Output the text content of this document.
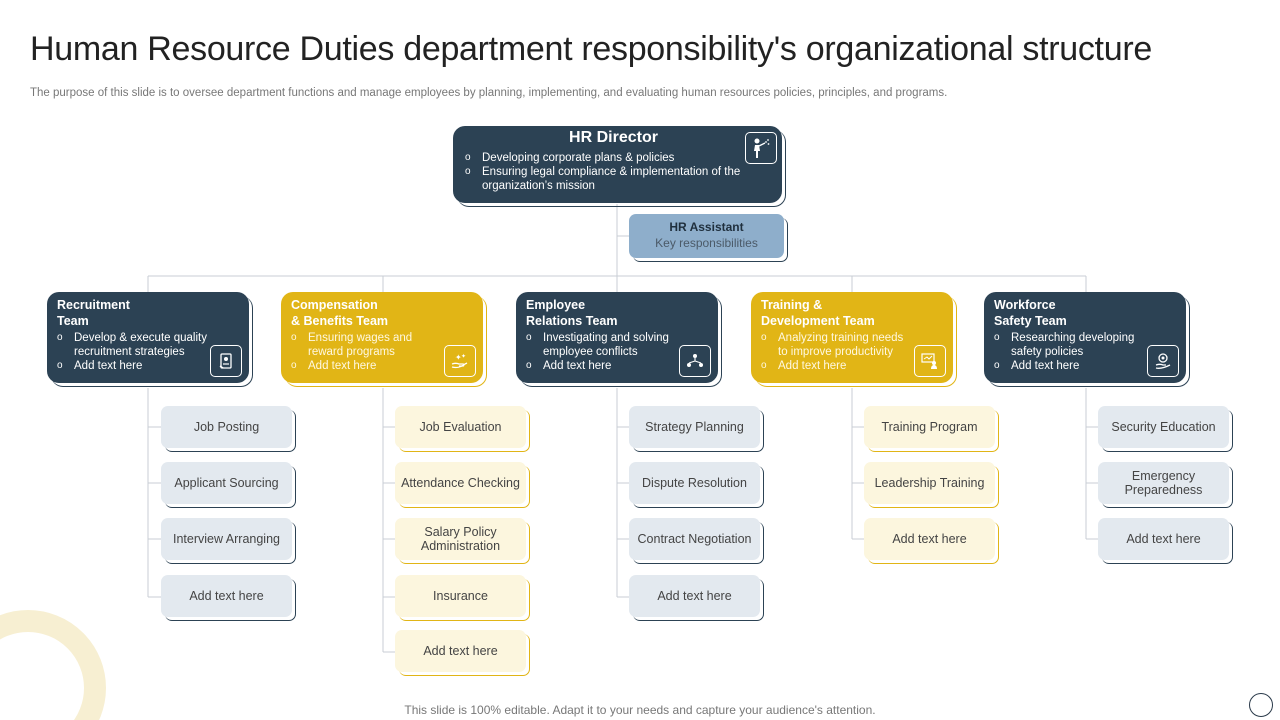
Human Resource Duties department responsibility's organizational structure

The purpose of this slide is to oversee department functions and manage employees by planning, implementing, and evaluating human resources policies, principles, and programs.

HR Director
o Developing corporate plans & policies
o Ensuring legal compliance & implementation of the organization’s mission
HR Assistant
Key responsibilities
Recruitment
Team
o Develop & execute quality recruitment strategies
o Add text here
Compensation
& Benefits Team
o Ensuring wages and reward programs
o Add text here
✦ ✦
Employee
Relations Team
o Investigating and solving employee conflicts
o Add text here
Training &
Development Team
o Analyzing training needs to improve productivity
o Add text here
Workforce
Safety Team
o Researching developing safety policies
o Add text here
Job Posting
Applicant Sourcing
Interview Arranging
Add text here
Job Evaluation
Attendance Checking
Salary Policy Administration
Insurance
Add text here
Strategy Planning
Dispute Resolution
Contract Negotiation
Add text here
Training Program
Leadership Training
Add text here
Security Education
Emergency Preparedness
Add text here

This slide is 100% editable. Adapt it to your needs and capture your audience's attention.
